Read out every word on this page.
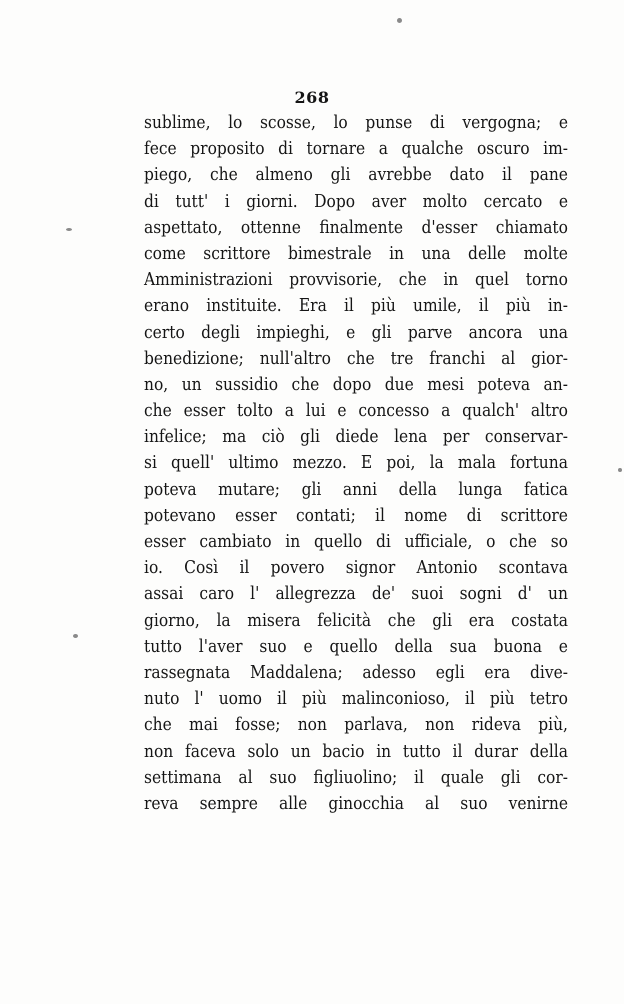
268
sublime, lo scosse, lo punse di vergogna; e
fece proposito di tornare a qualche oscuro im-
piego, che almeno gli avrebbe dato il pane
di tutt' i giorni. Dopo aver molto cercato e
aspettato, ottenne finalmente d'esser chiamato
come scrittore bimestrale in una delle molte
Amministrazioni provvisorie, che in quel torno
erano instituite. Era il più umile, il più in-
certo degli impieghi, e gli parve ancora una
benedizione; null'altro che tre franchi al gior-
no, un sussidio che dopo due mesi poteva an-
che esser tolto a lui e concesso a qualch' altro
infelice; ma ciò gli diede lena per conservar-
si quell' ultimo mezzo. E poi, la mala fortuna
poteva mutare; gli anni della lunga fatica
potevano esser contati; il nome di scrittore
esser cambiato in quello di ufficiale, o che so
io. Così il povero signor Antonio scontava
assai caro l' allegrezza de' suoi sogni d' un
giorno, la misera felicità che gli era costata
tutto l'aver suo e quello della sua buona e
rassegnata Maddalena; adesso egli era dive-
nuto l' uomo il più malinconioso, il più tetro
che mai fosse; non parlava, non rideva più,
non faceva solo un bacio in tutto il durar della
settimana al suo figliuolino; il quale gli cor-
reva sempre alle ginocchia al suo venirne
